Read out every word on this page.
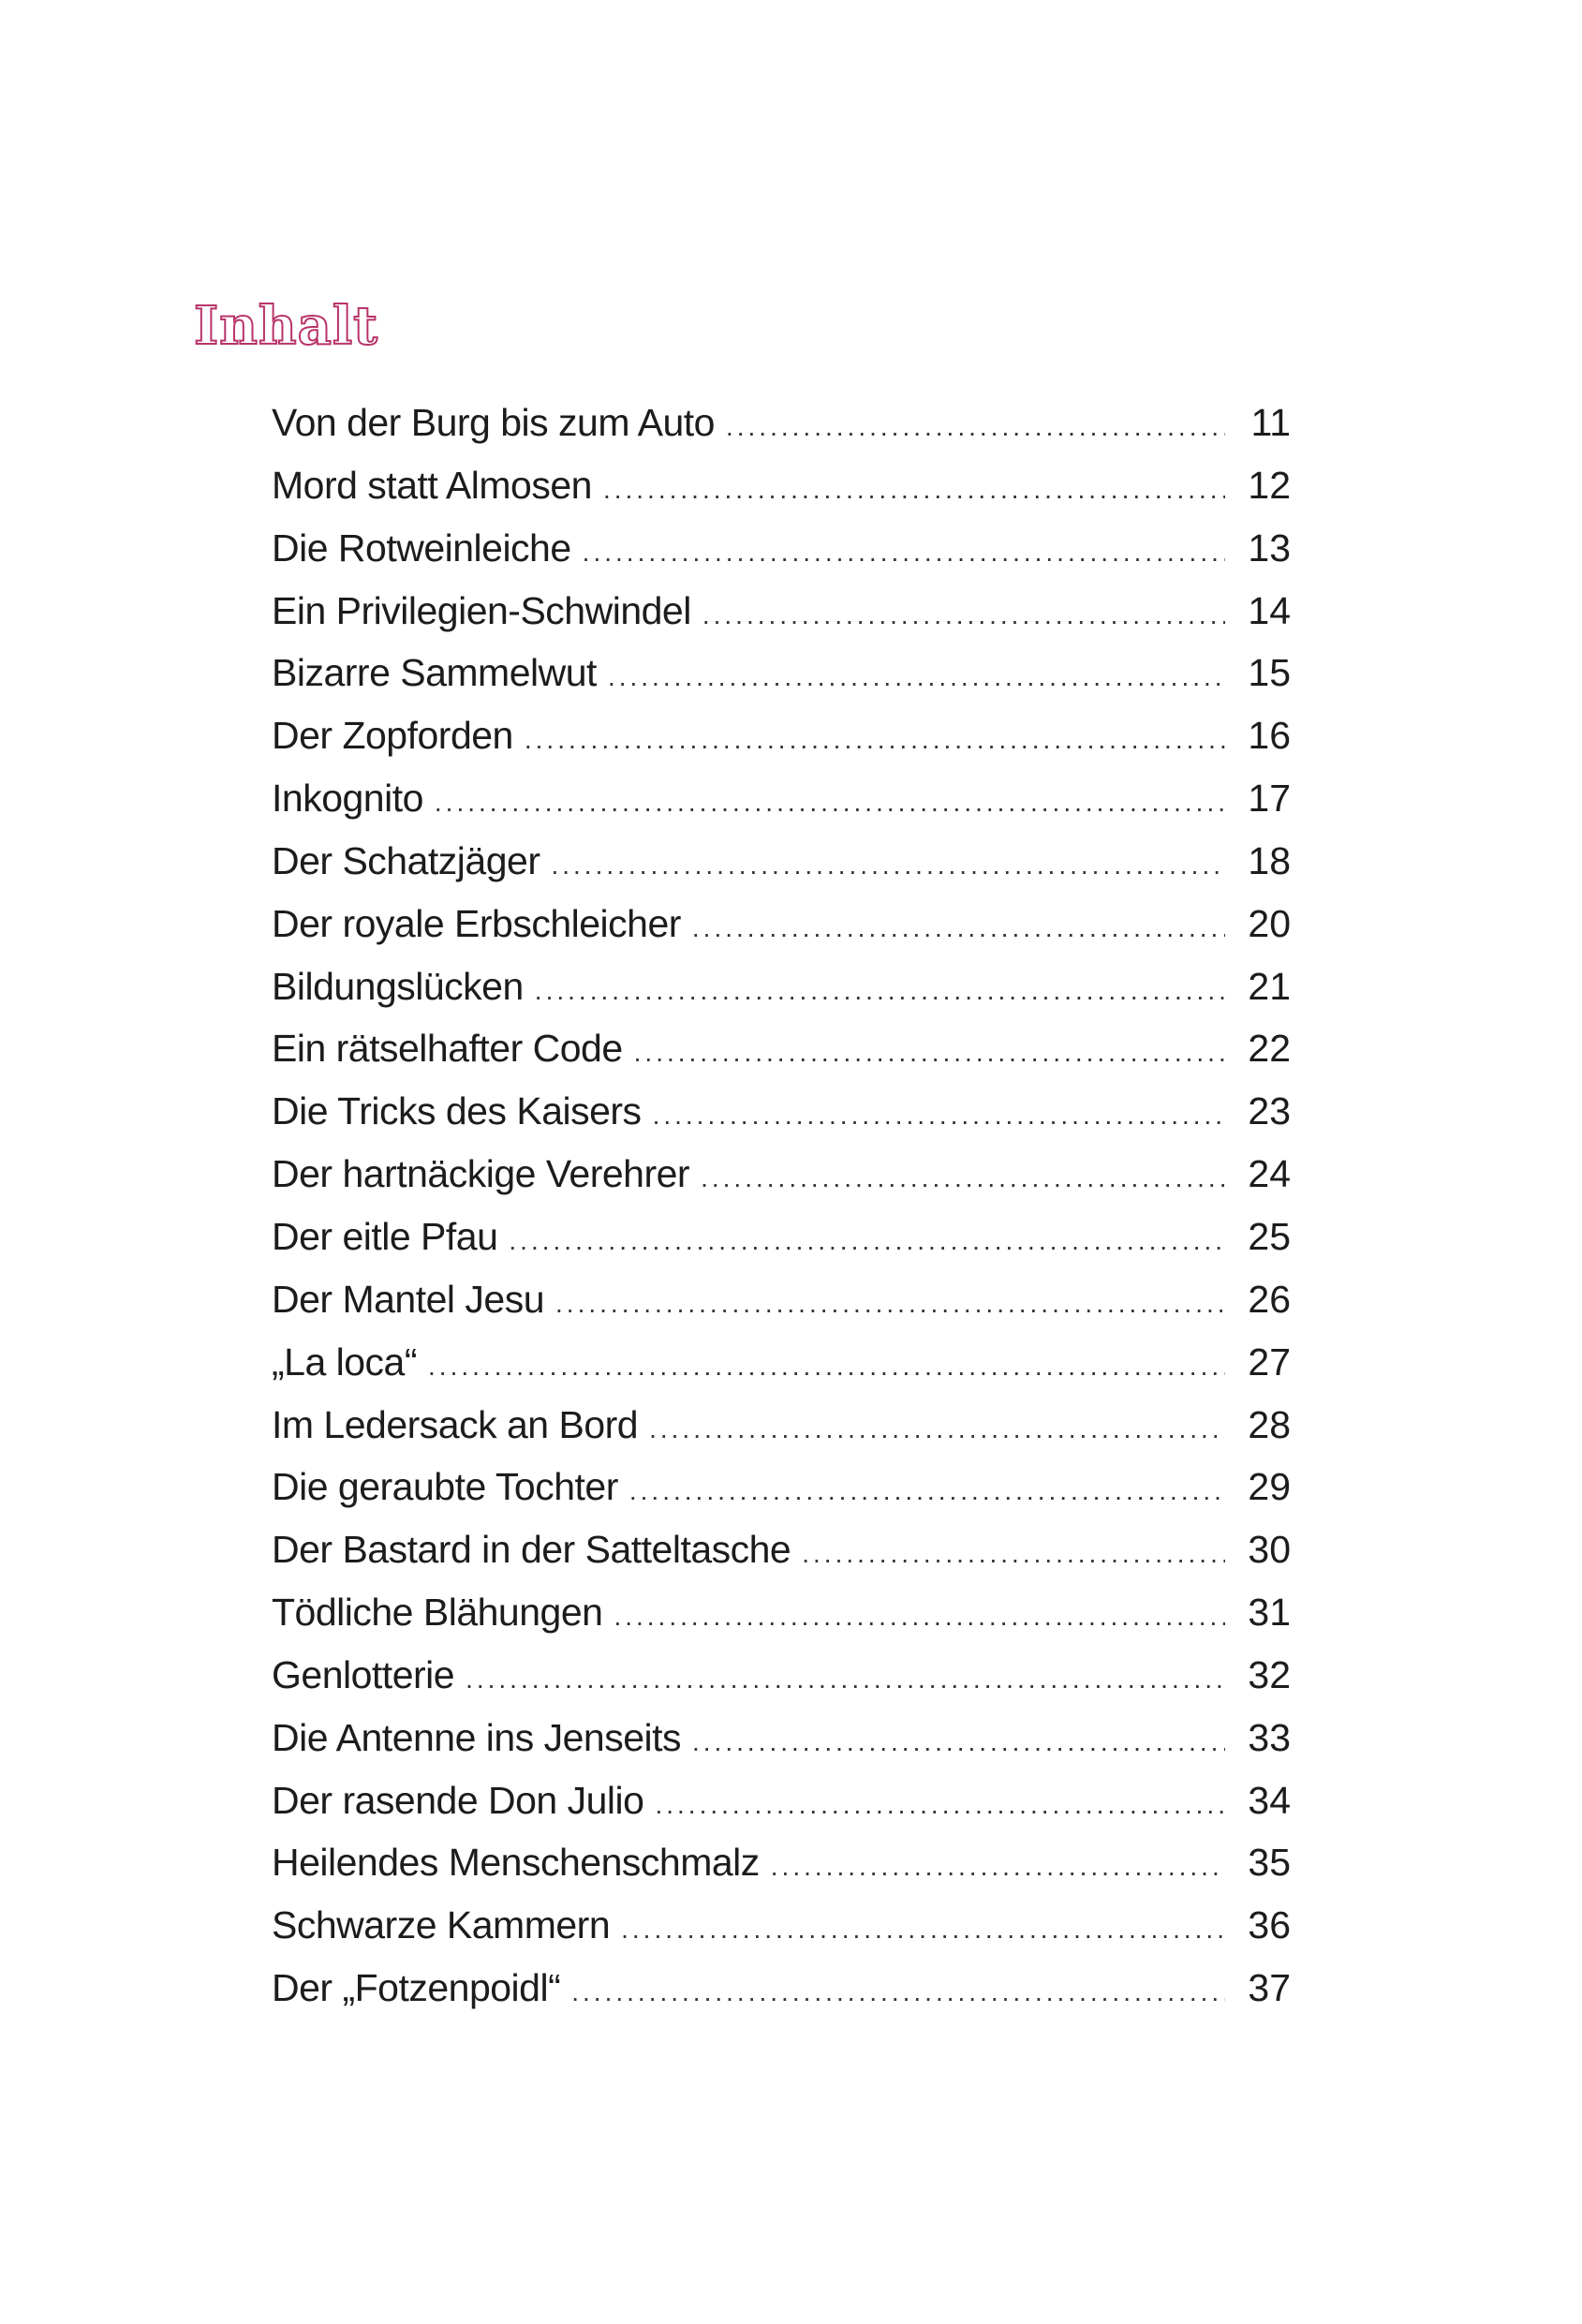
Inhalt
Von der Burg bis zum Auto .....	11
Mord statt Almosen .....	12
Die Rotweinleiche .....	13
Ein Privilegien-Schwindel .....	14
Bizarre Sammelwut .....	15
Der Zopforden .....	16
Inkognito .....	17
Der Schatzjäger .....	18
Der royale Erbschleicher .....	20
Bildungslücken .....	21
Ein rätselhafter Code .....	22
Die Tricks des Kaisers .....	23
Der hartnäckige Verehrer .....	24
Der eitle Pfau .....	25
Der Mantel Jesu .....	26
„La loca“ .....	27
Im Ledersack an Bord .....	28
Die geraubte Tochter .....	29
Der Bastard in der Satteltasche .....	30
Tödliche Blähungen .....	31
Genlotterie .....	32
Die Antenne ins Jenseits .....	33
Der rasende Don Julio .....	34
Heilendes Menschenschmalz .....	35
Schwarze Kammern .....	36
Der „Fotzenpoidl“ .....	37
